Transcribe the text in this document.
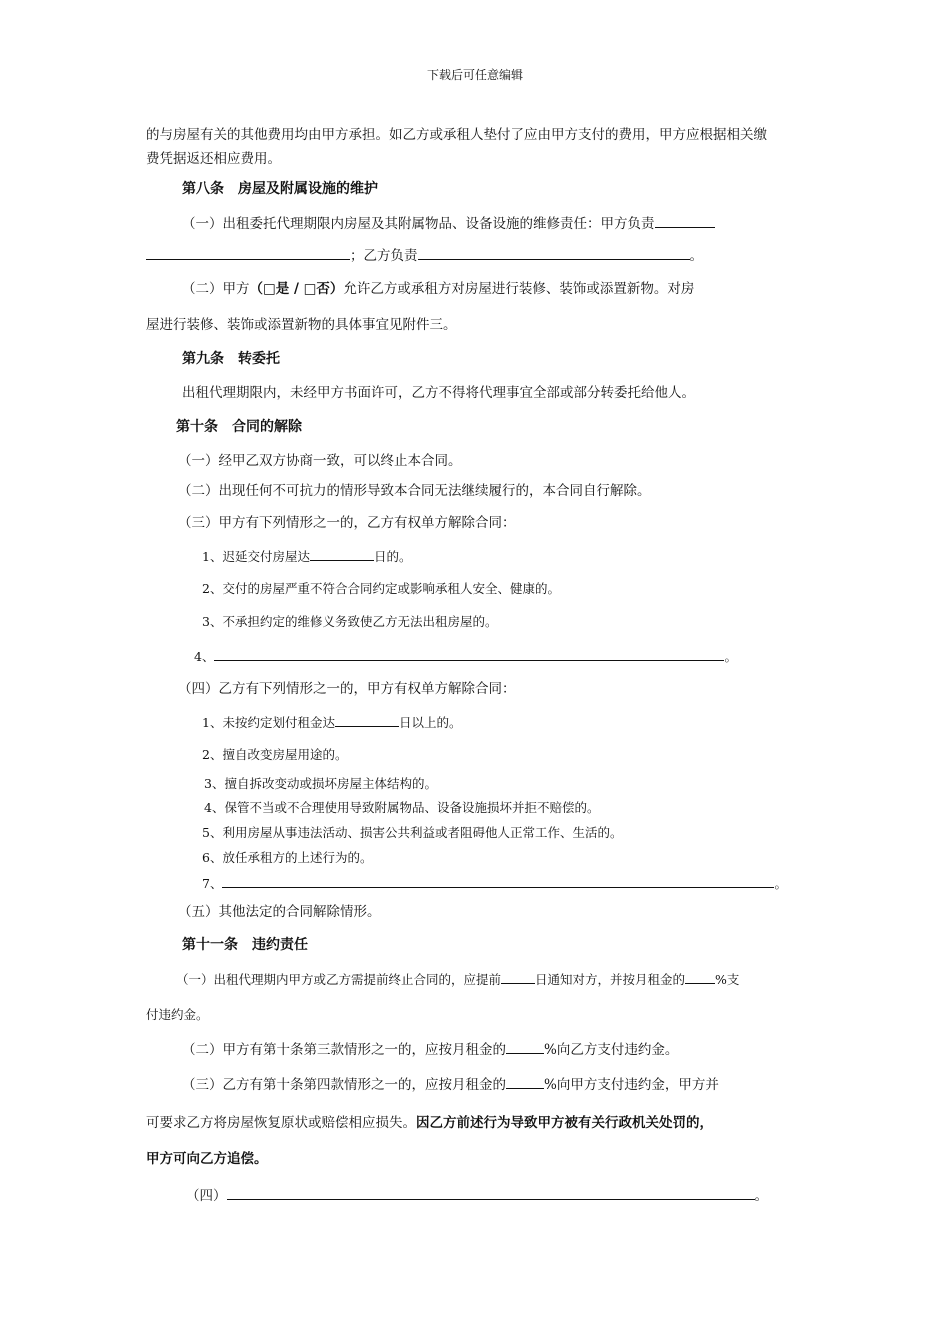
下载后可任意编辑
的与房屋有关的其他费用均由甲方承担。如乙方或承租人垫付了应由甲方支付的费用，甲方应根据相关缴
费凭据返还相应费用。
第八条　房屋及附属设施的维护
（一）出租委托代理期限内房屋及其附属物品、设备设施的维修责任：甲方负责
；乙方负责	。
（二）甲方（□是 / □否）允许乙方或承租方对房屋进行装修、装饰或添置新物。对房
屋进行装修、装饰或添置新物的具体事宜见附件三。
第九条　转委托
出租代理期限内，未经甲方书面许可，乙方不得将代理事宜全部或部分转委托给他人。
第十条　合同的解除
（一）经甲乙双方协商一致，可以终止本合同。
（二）出现任何不可抗力的情形导致本合同无法继续履行的，本合同自行解除。
（三）甲方有下列情形之一的，乙方有权单方解除合同：
1、迟延交付房屋达	日的。
2、交付的房屋严重不符合合同约定或影响承租人安全、健康的。
3、不承担约定的维修义务致使乙方无法出租房屋的。
4、	。
（四）乙方有下列情形之一的，甲方有权单方解除合同：
1、未按约定划付租金达	日以上的。
2、擅自改变房屋用途的。
3、擅自拆改变动或损坏房屋主体结构的。
4、保管不当或不合理使用导致附属物品、设备设施损坏并拒不赔偿的。
5、利用房屋从事违法活动、损害公共利益或者阻碍他人正常工作、生活的。
6、放任承租方的上述行为的。
7、	。
（五）其他法定的合同解除情形。
第十一条　违约责任
（一）出租代理期内甲方或乙方需提前终止合同的，应提前	日通知对方，并按月租金的 %支
付违约金。
（二）甲方有第十条第三款情形之一的，应按月租金的	%向乙方支付违约金。
（三）乙方有第十条第四款情形之一的，应按月租金的	%向甲方支付违约金，甲方并
可要求乙方将房屋恢复原状或赔偿相应损失。因乙方前述行为导致甲方被有关行政机关处罚的，
甲方可向乙方追偿。
（四）	。
